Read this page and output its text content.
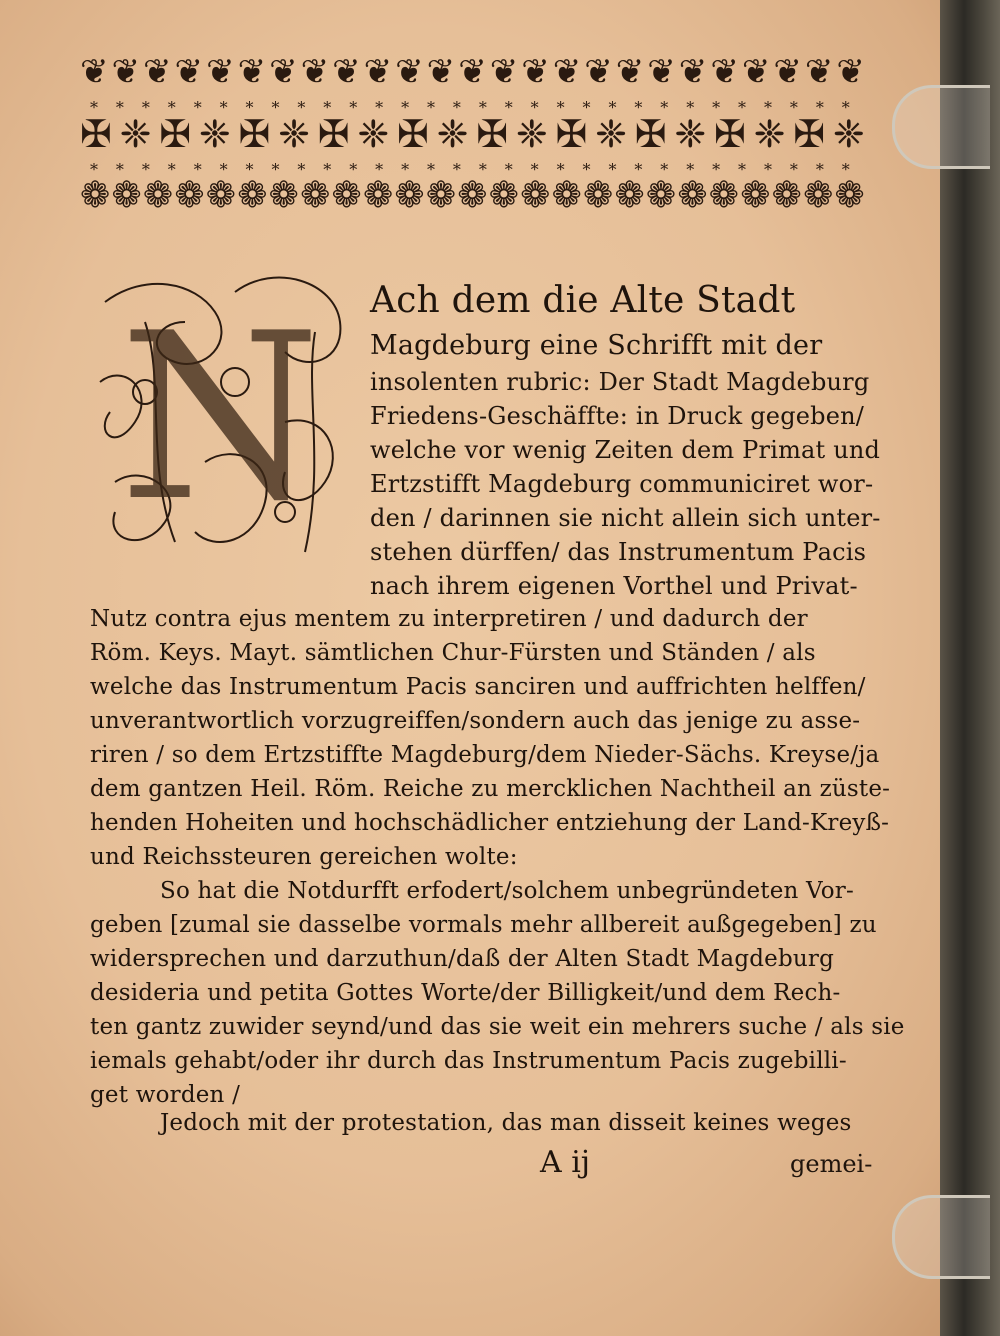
❦ ❦ ❦ ❦ ❦ ❦ ❦ ❦ ❦ ❦ ❦ ❦ ❦ ❦ ❦ ❦ ❦ ❦ ❦ ❦ ❦ ❦ ❦ ❦ ❦
* * * * * * * * * * * * * * * * * * * * * * * * * * * * * *
✠ ❈ ✠ ❈ ✠ ❈ ✠ ❈ ✠ ❈ ✠ ❈ ✠ ❈ ✠ ❈ ✠ ❈ ✠ ❈
* * * * * * * * * * * * * * * * * * * * * * * * * * * * * *
❁ ❁ ❁ ❁ ❁ ❁ ❁ ❁ ❁ ❁ ❁ ❁ ❁ ❁ ❁ ❁ ❁ ❁ ❁ ❁ ❁ ❁ ❁ ❁ ❁
N Ach dem die Alte Stadt
Magdeburg eine Schrifft mit der
insolenten rubric: Der Stadt Magdeburg
Friedens-Geschäffte: in Druck gegeben/
welche vor wenig Zeiten dem Primat und
Ertzstifft Magdeburg communiciret wor-
den / darinnen sie nicht allein sich unter-
stehen dürffen/ das Instrumentum Pacis
nach ihrem eigenen Vorthel und Privat-
Nutz contra ejus mentem zu interpretiren / und dadurch der
Röm. Keys. Mayt. sämtlichen Chur-Fürsten und Ständen / als
welche das Instrumentum Pacis sanciren und auffrichten helffen/
unverantwortlich vorzugreiffen/sondern auch das jenige zu asse-
riren / so dem Ertzstiffte Magdeburg/dem Nieder-Sächs. Kreyse/ja
dem gantzen Heil. Röm. Reiche zu mercklichen Nachtheil an züste-
henden Hoheiten und hochschädlicher entziehung der Land-Kreyß-
und Reichssteuren gereichen wolte:
So hat die Notdurfft erfodert/solchem unbegründeten Vor-
geben [zumal sie dasselbe vormals mehr allbereit außgegeben] zu
widersprechen und darzuthun/daß der Alten Stadt Magdeburg
desideria und petita Gottes Worte/der Billigkeit/und dem Rech-
ten gantz zuwider seynd/und das sie weit ein mehrers suche / als sie
iemals gehabt/oder ihr durch das Instrumentum Pacis zugebilli-
get worden /
Jedoch mit der protestation, das man disseit keines weges
A ij	gemei-
